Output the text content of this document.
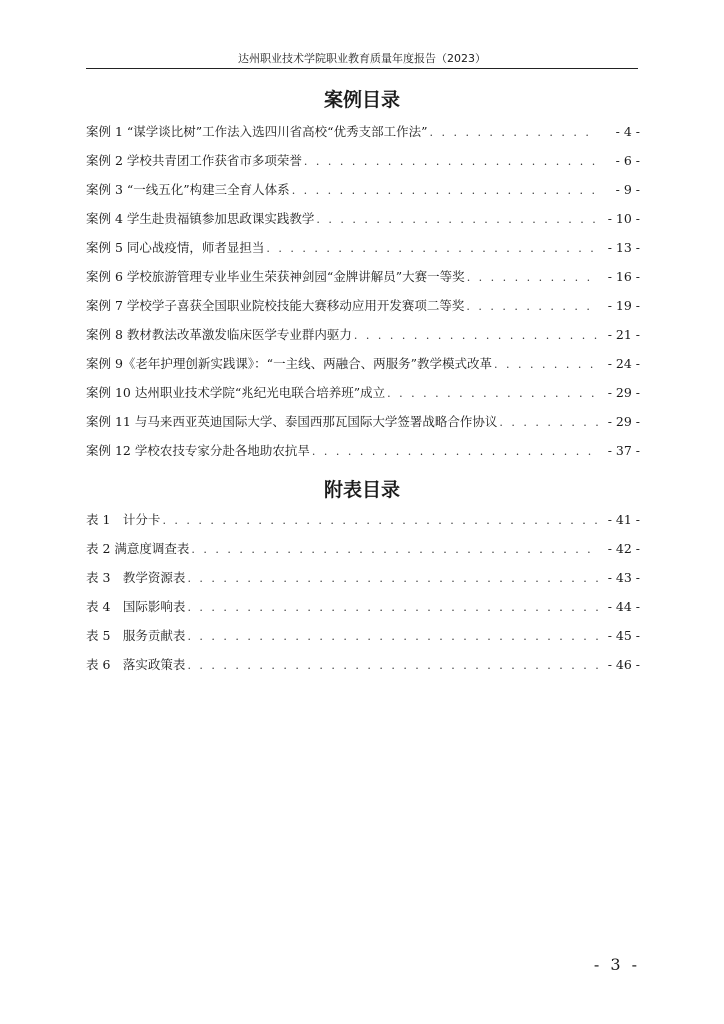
达州职业技术学院职业教育质量年度报告（2023）
案例目录
案例 1 “谋学谈比树”工作法入选四川省高校“优秀支部工作法” . . .	- 4 -
案例 2 学校共青团工作获省市多项荣誉 . . .	- 6 -
案例 3 “一线五化”构建三全育人体系 . . .	- 9 -
案例 4 学生赴贵福镇参加思政课实践教学 . . .	- 10 -
案例 5 同心战疫情，师者显担当 . . .	- 13 -
案例 6 学校旅游管理专业毕业生荣获神剑园“金牌讲解员”大赛一等奖 . . .	- 16 -
案例 7 学校学子喜获全国职业院校技能大赛移动应用开发赛项二等奖 . . .	- 19 -
案例 8 教材教法改革激发临床医学专业群内驱力 . . .	- 21 -
案例 9《老年护理创新实践课》：“一主线、两融合、两服务”教学模式改革 . . .	- 24 -
案例 10 达州职业技术学院“兆纪光电联合培养班”成立 . . .	- 29 -
案例 11 与马来西亚英迪国际大学、泰国西那瓦国际大学签署战略合作协议 . . .	- 29 -
案例 12 学校农技专家分赴各地助农抗旱 . . .	- 37 -
附表目录
表 1　计分卡 . . .	- 41 -
表 2 满意度调查表 . . .	- 42 -
表 3　教学资源表 . . .	- 43 -
表 4　国际影响表 . . .	- 44 -
表 5　服务贡献表 . . .	- 45 -
表 6　落实政策表 . . .	- 46 -
- 3 -
